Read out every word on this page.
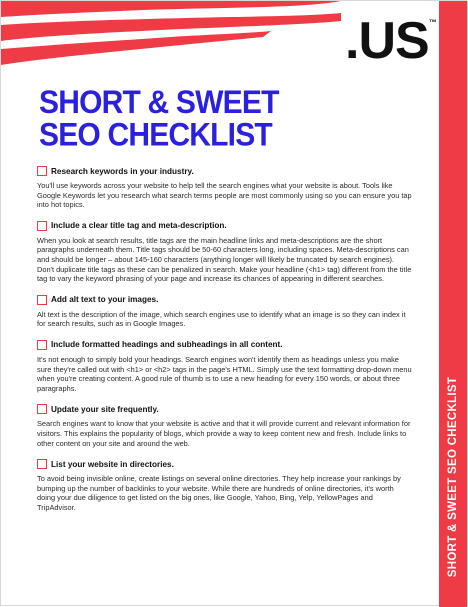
.US™
SHORT & SWEET
SEO CHECKLIST
Research keywords in your industry.
You'll use keywords across your website to help tell the search engines what your website is about. Tools like Google Keywords let you research what search terms people are most commonly using so you can ensure you tap into hot topics.
Include a clear title tag and meta-description.
When you look at search results, title tags are the main headline links and meta-descriptions are the short paragraphs underneath them. Title tags should be 50-60 characters long, including spaces. Meta-descriptions can and should be longer – about 145-160 characters (anything longer will likely be truncated by search engines). Don't duplicate title tags as these can be penalized in search. Make your headline (<h1> tag) different from the title tag to vary the keyword phrasing of your page and increase its chances of appearing in different searches.
Add alt text to your images.
Alt text is the description of the image, which search engines use to identify what an image is so they can index it for search results, such as in Google Images.
Include formatted headings and subheadings in all content.
It's not enough to simply bold your headings. Search engines won't identify them as headings unless you make sure they're called out with <h1> or <h2> tags in the page's HTML. Simply use the text formatting drop-down menu when you're creating content. A good rule of thumb is to use a new heading for every 150 words, or about three paragraphs.
Update your site frequently.
Search engines want to know that your website is active and that it will provide current and relevant information for visitors. This explains the popularity of blogs, which provide a way to keep content new and fresh. Include links to other content on your site and around the web.
List your website in directories.
To avoid being invisible online, create listings on several online directories. They help increase your rankings by bumping up the number of backlinks to your website. While there are hundreds of online directories, it's worth doing your due diligence to get listed on the big ones, like Google, Yahoo, Bing, Yelp, YellowPages and TripAdvisor.	SHORT & SWEET SEO CHECKLIST
